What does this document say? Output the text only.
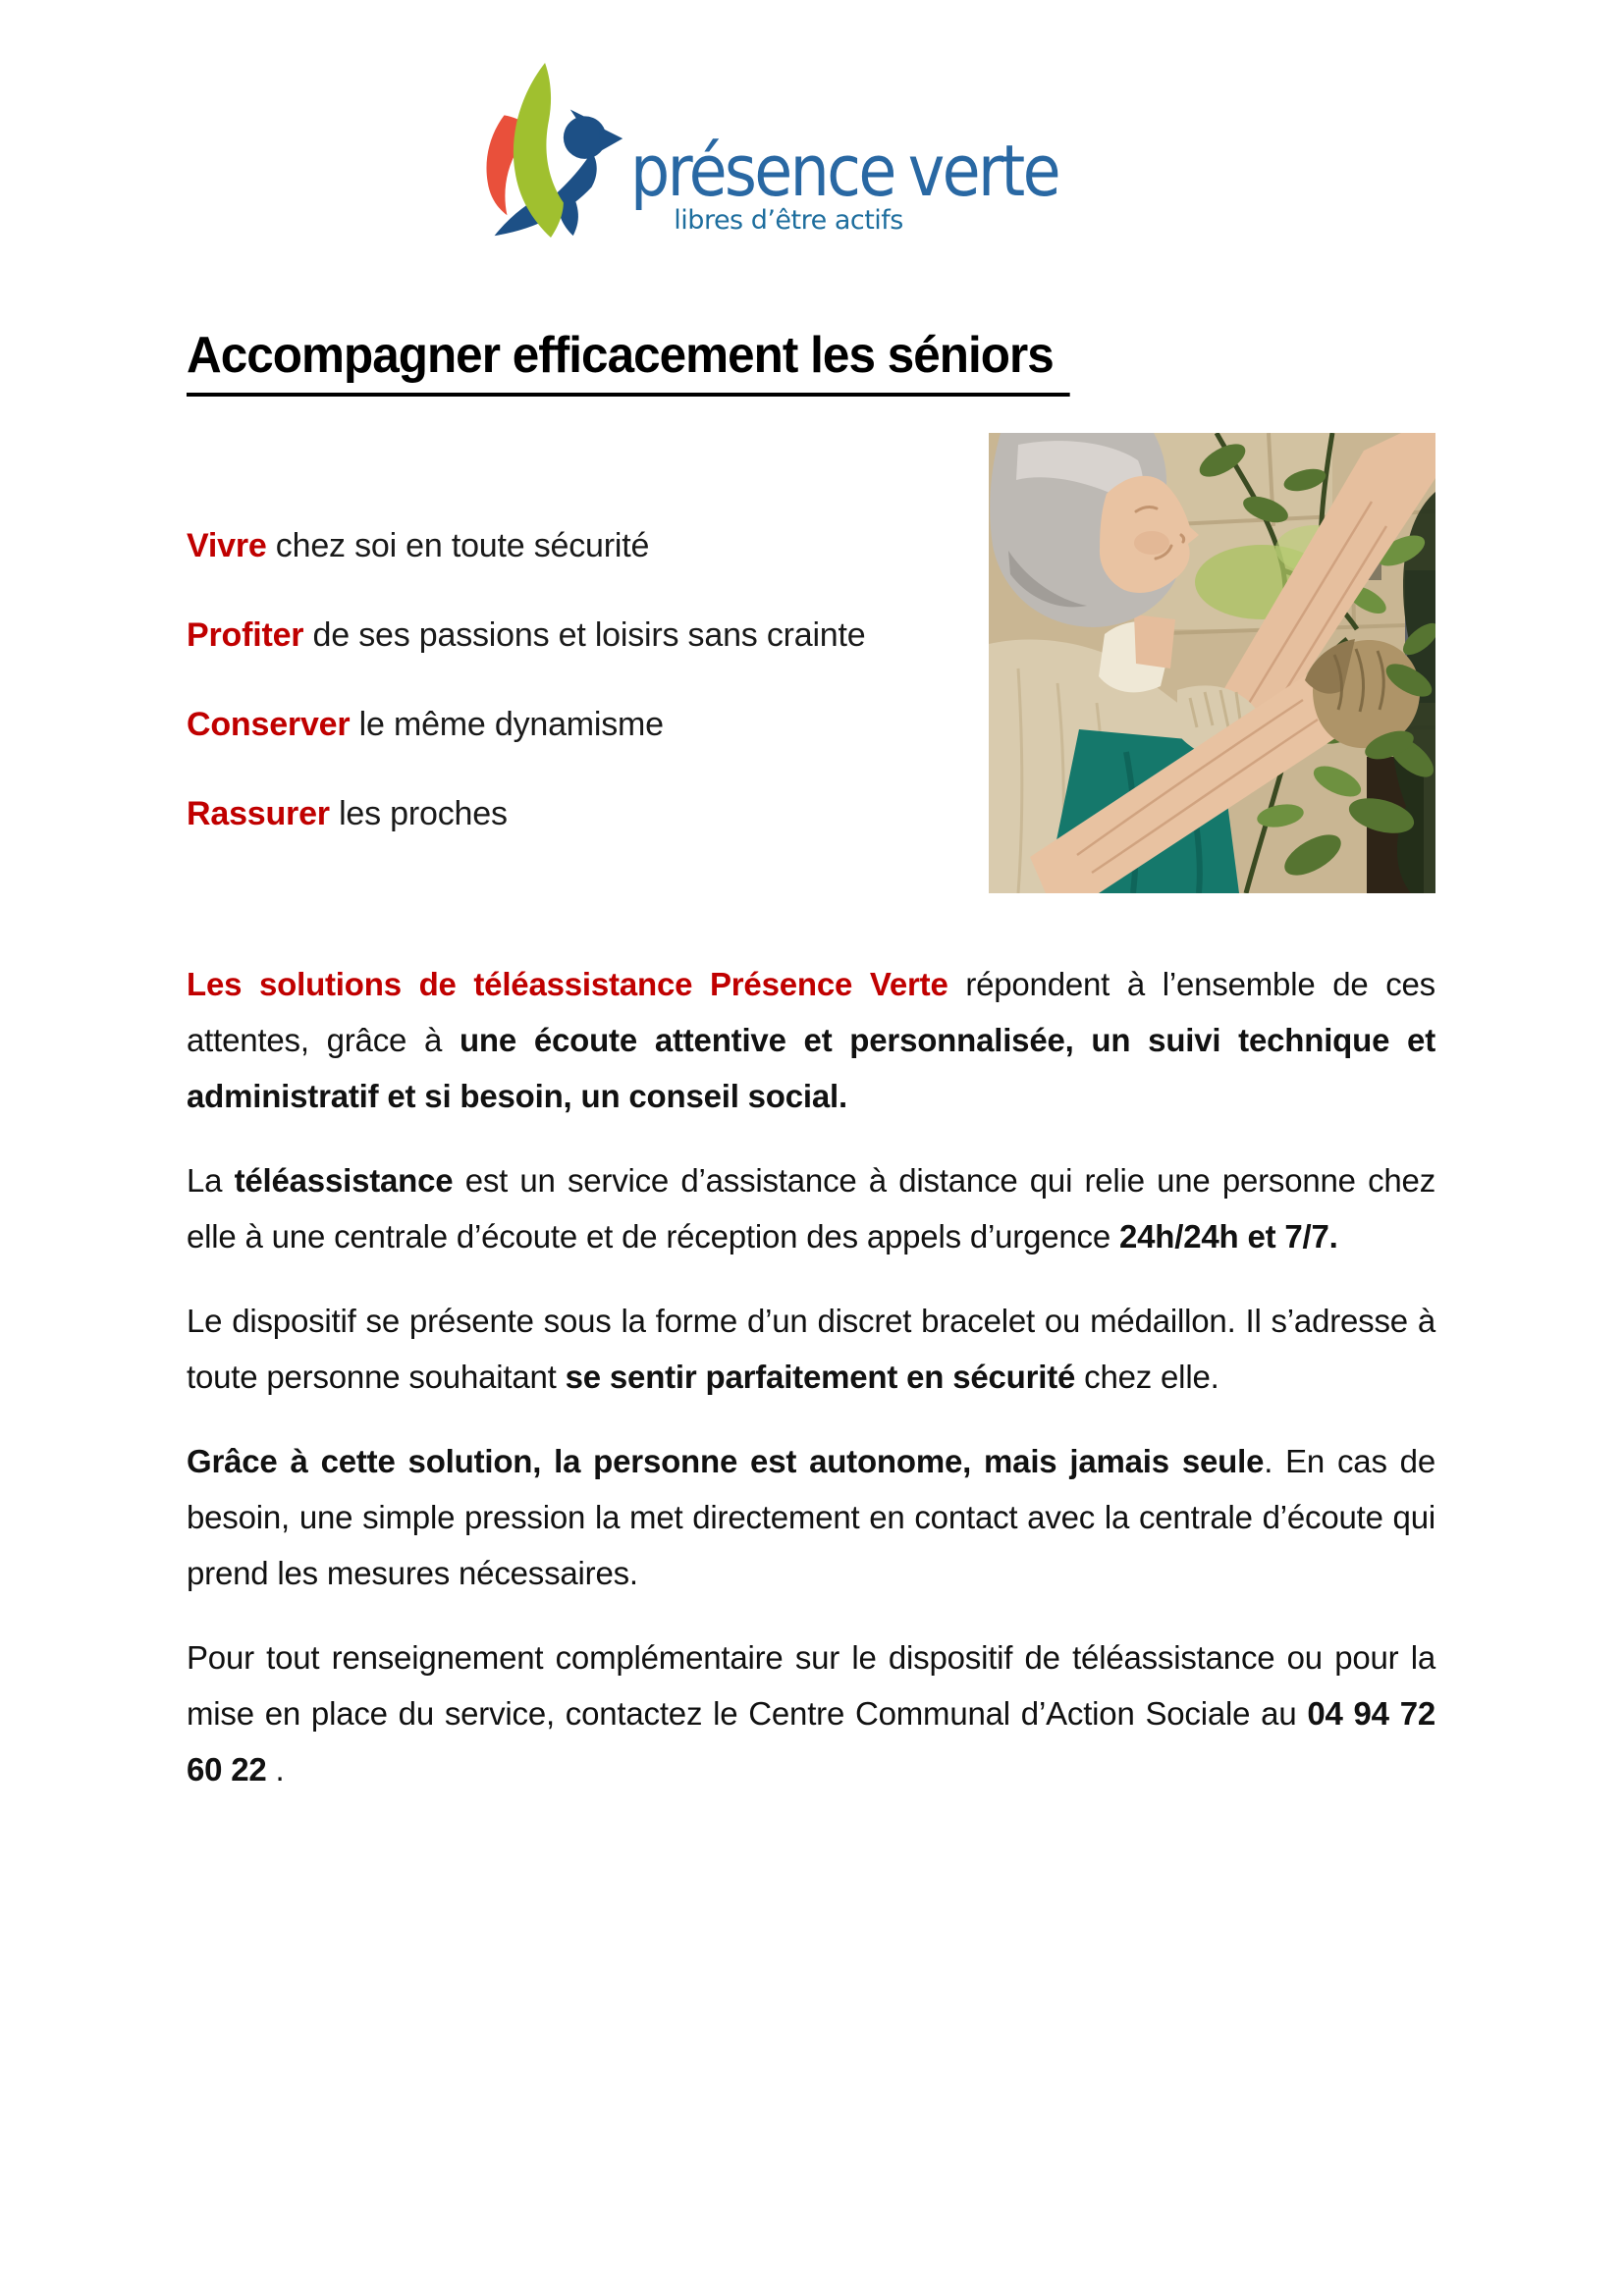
présence verte
libres d’être actifs
Accompagner efficacement les séniors
Vivre chez soi en toute sécurité
Profiter de ses passions et loisirs sans crainte
Conserver le même dynamisme
Rassurer les proches

Les solutions de téléassistance Présence Verte répondent à l’ensemble de ces attentes, grâce à une écoute attentive et personnalisée, un suivi technique et administratif et si besoin, un conseil social.

La téléassistance est un service d’assistance à distance qui relie une personne chez elle à une centrale d’écoute et de réception des appels d’urgence 24h/24h et 7/7.

Le dispositif se présente sous la forme d’un discret bracelet ou médaillon. Il s’adresse à toute personne souhaitant se sentir parfaitement en sécurité chez elle.

Grâce à cette solution, la personne est autonome, mais jamais seule. En cas de besoin, une simple pression la met directement en contact avec la centrale d’écoute qui prend les mesures nécessaires.

Pour tout renseignement complémentaire sur le dispositif de téléassistance ou pour la mise en place du service, contactez le Centre Communal d’Action Sociale au 04 94 72 60 22 .
